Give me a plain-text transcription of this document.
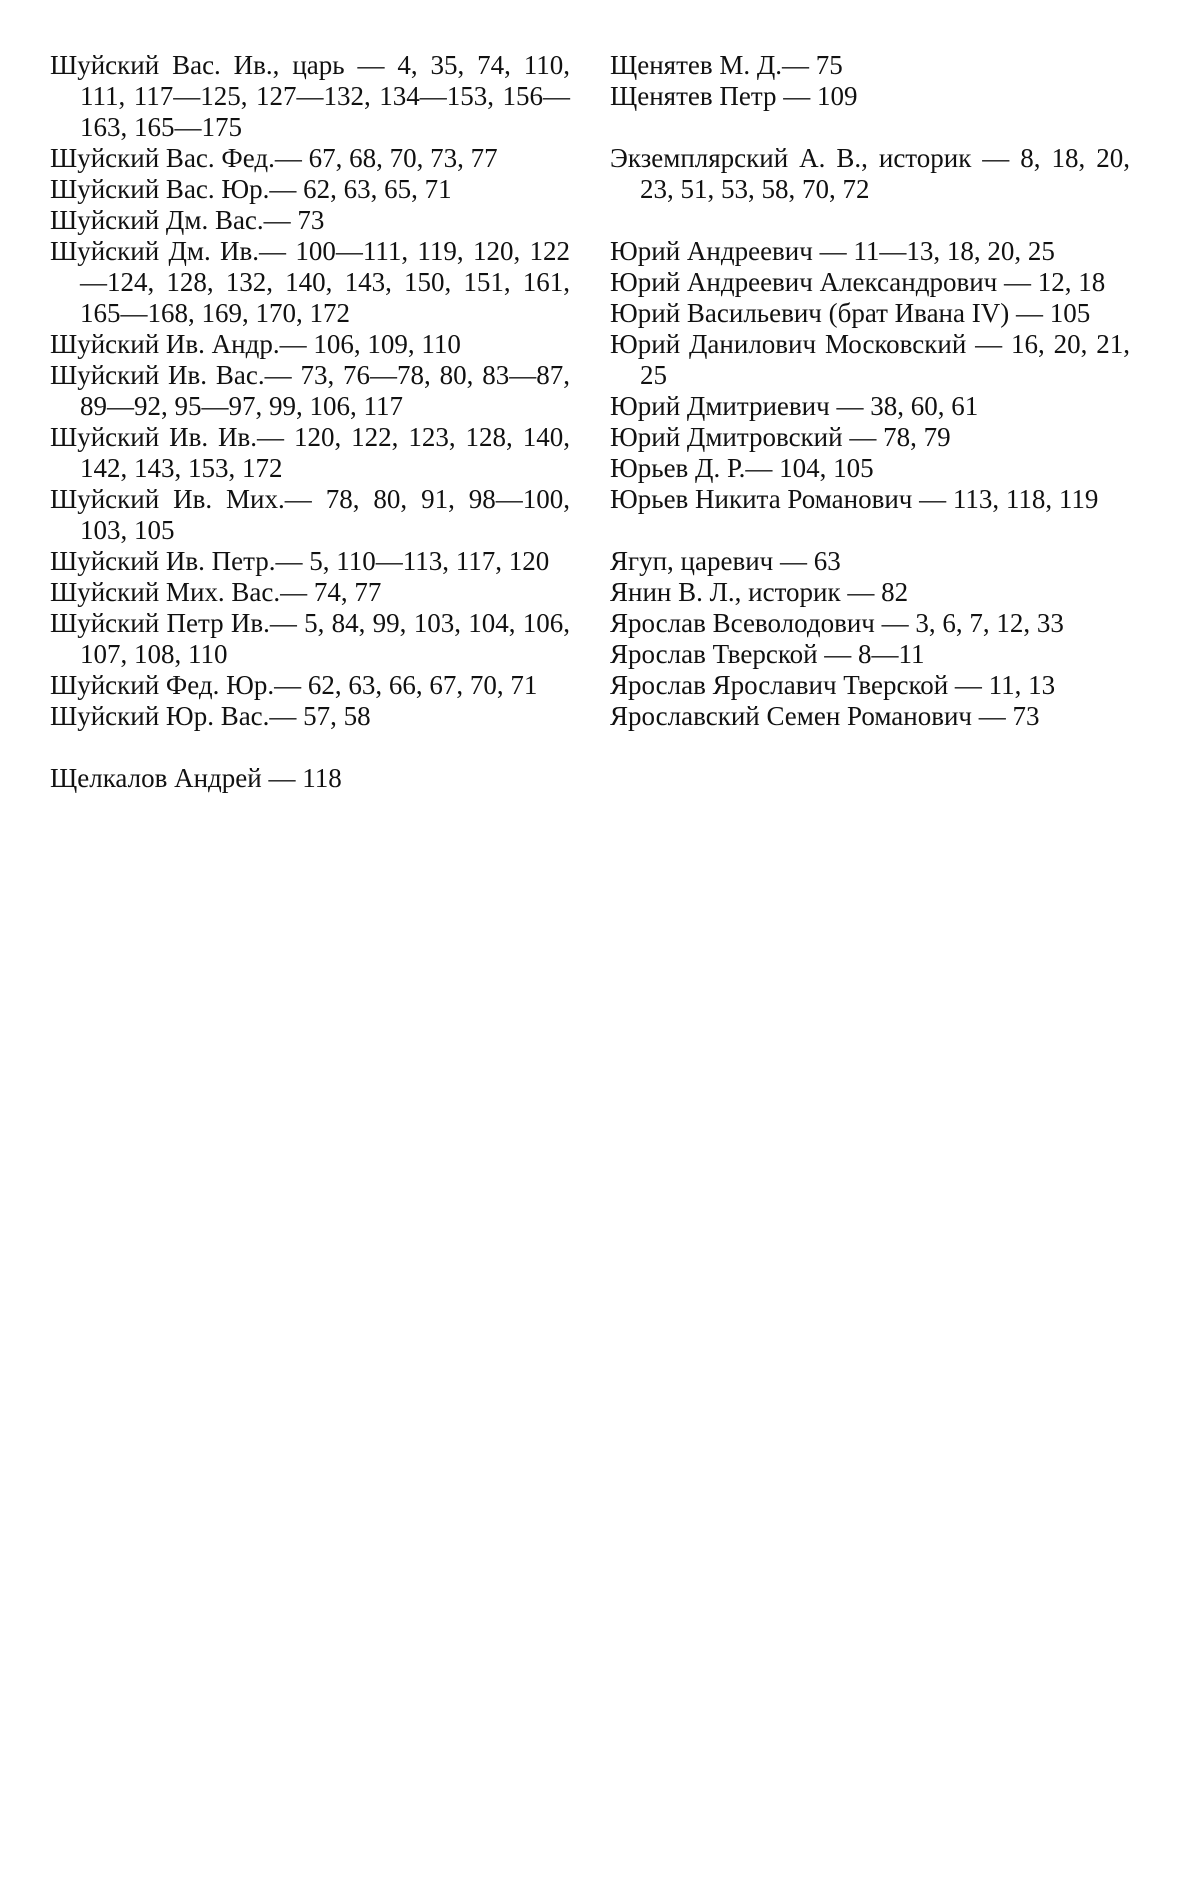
Шуйский Вас. Ив., царь — 4, 35, 74, 110, 111, 117—125, 127—132, 134—153, 156—163, 165—175

Шуйский Вас. Фед.— 67, 68, 70, 73, 77

Шуйский Вас. Юр.— 62, 63, 65, 71

Шуйский Дм. Вас.— 73

Шуйский Дм. Ив.— 100—111, 119, 120, 122—124, 128, 132, 140, 143, 150, 151, 161, 165—168, 169, 170, 172

Шуйский Ив. Андр.— 106, 109, 110

Шуйский Ив. Вас.— 73, 76—78, 80, 83—87, 89—92, 95—97, 99, 106, 117

Шуйский Ив. Ив.— 120, 122, 123, 128, 140, 142, 143, 153, 172

Шуйский Ив. Мих.— 78, 80, 91, 98—100, 103, 105

Шуйский Ив. Петр.— 5, 110—113, 117, 120

Шуйский Мих. Вас.— 74, 77

Шуйский Петр Ив.— 5, 84, 99, 103, 104, 106, 107, 108, 110

Шуйский Фед. Юр.— 62, 63, 66, 67, 70, 71

Шуйский Юр. Вас.— 57, 58

Щелкалов Андрей — 118

Щенятев М. Д.— 75

Щенятев Петр — 109

Экземплярский А. В., историк — 8, 18, 20, 23, 51, 53, 58, 70, 72

Юрий Андреевич — 11—13, 18, 20, 25

Юрий Андреевич Александрович — 12, 18

Юрий Васильевич (брат Ивана IV) — 105

Юрий Данилович Московский — 16, 20, 21, 25

Юрий Дмитриевич — 38, 60, 61

Юрий Дмитровский — 78, 79

Юрьев Д. Р.— 104, 105

Юрьев Никита Романович — 113, 118, 119

Ягуп, царевич — 63

Янин В. Л., историк — 82

Ярослав Всеволодович — 3, 6, 7, 12, 33

Ярослав Тверской — 8—11

Ярослав Ярославич Тверской — 11, 13

Ярославский Семен Романович — 73
